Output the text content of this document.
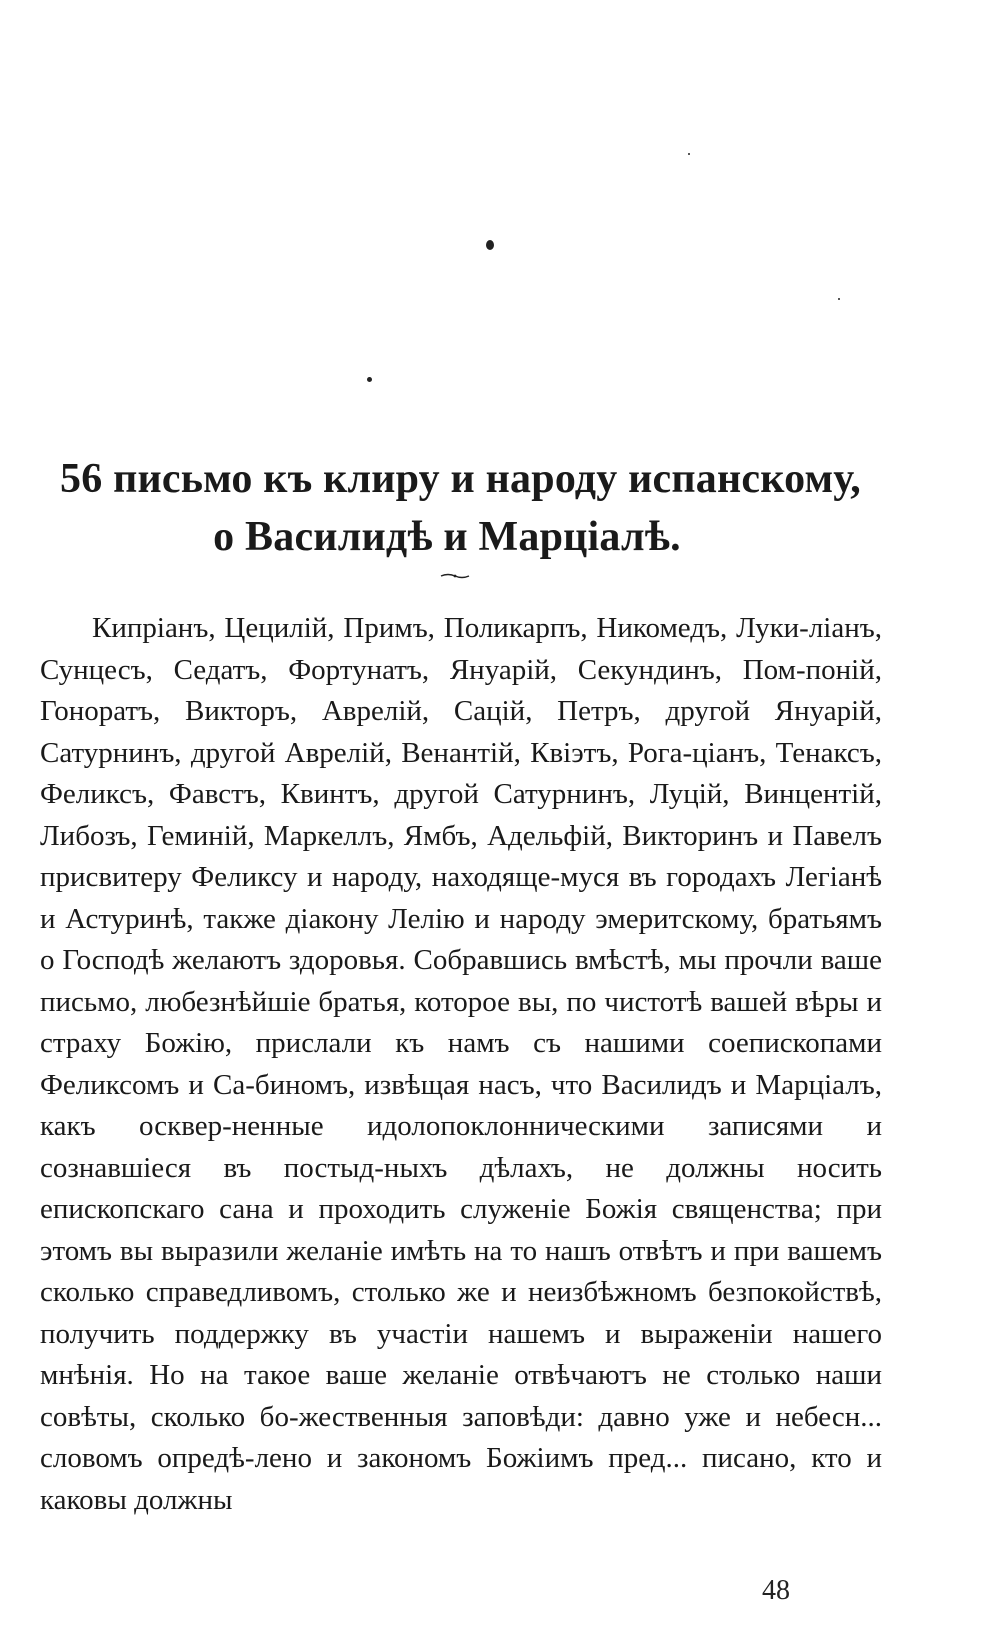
56 письмо къ клиру и народу испанскому,
о Василидѣ и Марціалѣ.

Кипріанъ, Цецилій, Примъ, Поликарпъ, Никомедъ, Луки-ліанъ, Сунцесъ, Седатъ, Фортунатъ, Януарій, Секундинъ, Пом-поній, Гоноратъ, Викторъ, Аврелій, Сацій, Петръ, другой Януарій, Сатурнинъ, другой Аврелій, Венантій, Квіэтъ, Рога-ціанъ, Тенаксъ, Феликсъ, Фавстъ, Квинтъ, другой Сатурнинъ, Луцій, Винцентій, Либозъ, Геминій, Маркеллъ, Ямбъ, Адельфій, Викторинъ и Павелъ присвитеру Феликсу и народу, находяще-муся въ городахъ Легіанѣ и Астуринѣ, также діакону Лелію и народу эмеритскому, братьямъ о Господѣ желаютъ здоровья. Собравшись вмѣстѣ, мы прочли ваше письмо, любезнѣйшіе братья, которое вы, по чистотѣ вашей вѣры и страху Божію, прислали къ намъ съ нашими соепископами Феликсомъ и Са-биномъ, извѣщая насъ, что Василидъ и Марціалъ, какъ осквер-ненные идолопоклонническими записями и сознавшіеся въ постыд-ныхъ дѣлахъ, не должны носить епископскаго сана и проходить служеніе Божія священства; при этомъ вы выразили желаніе имѣть на то нашъ отвѣтъ и при вашемъ сколько справедливомъ, столько же и неизбѣжномъ безпокойствѣ, получить поддержку въ участіи нашемъ и выраженіи нашего мнѣнія. Но на такое ваше желаніе отвѣчаютъ не столько наши совѣты, сколько бо-жественныя заповѣди: давно уже и небесн... словомъ опредѣ-лено и закономъ Божіимъ пред... писано, кто и каковы должны

48
